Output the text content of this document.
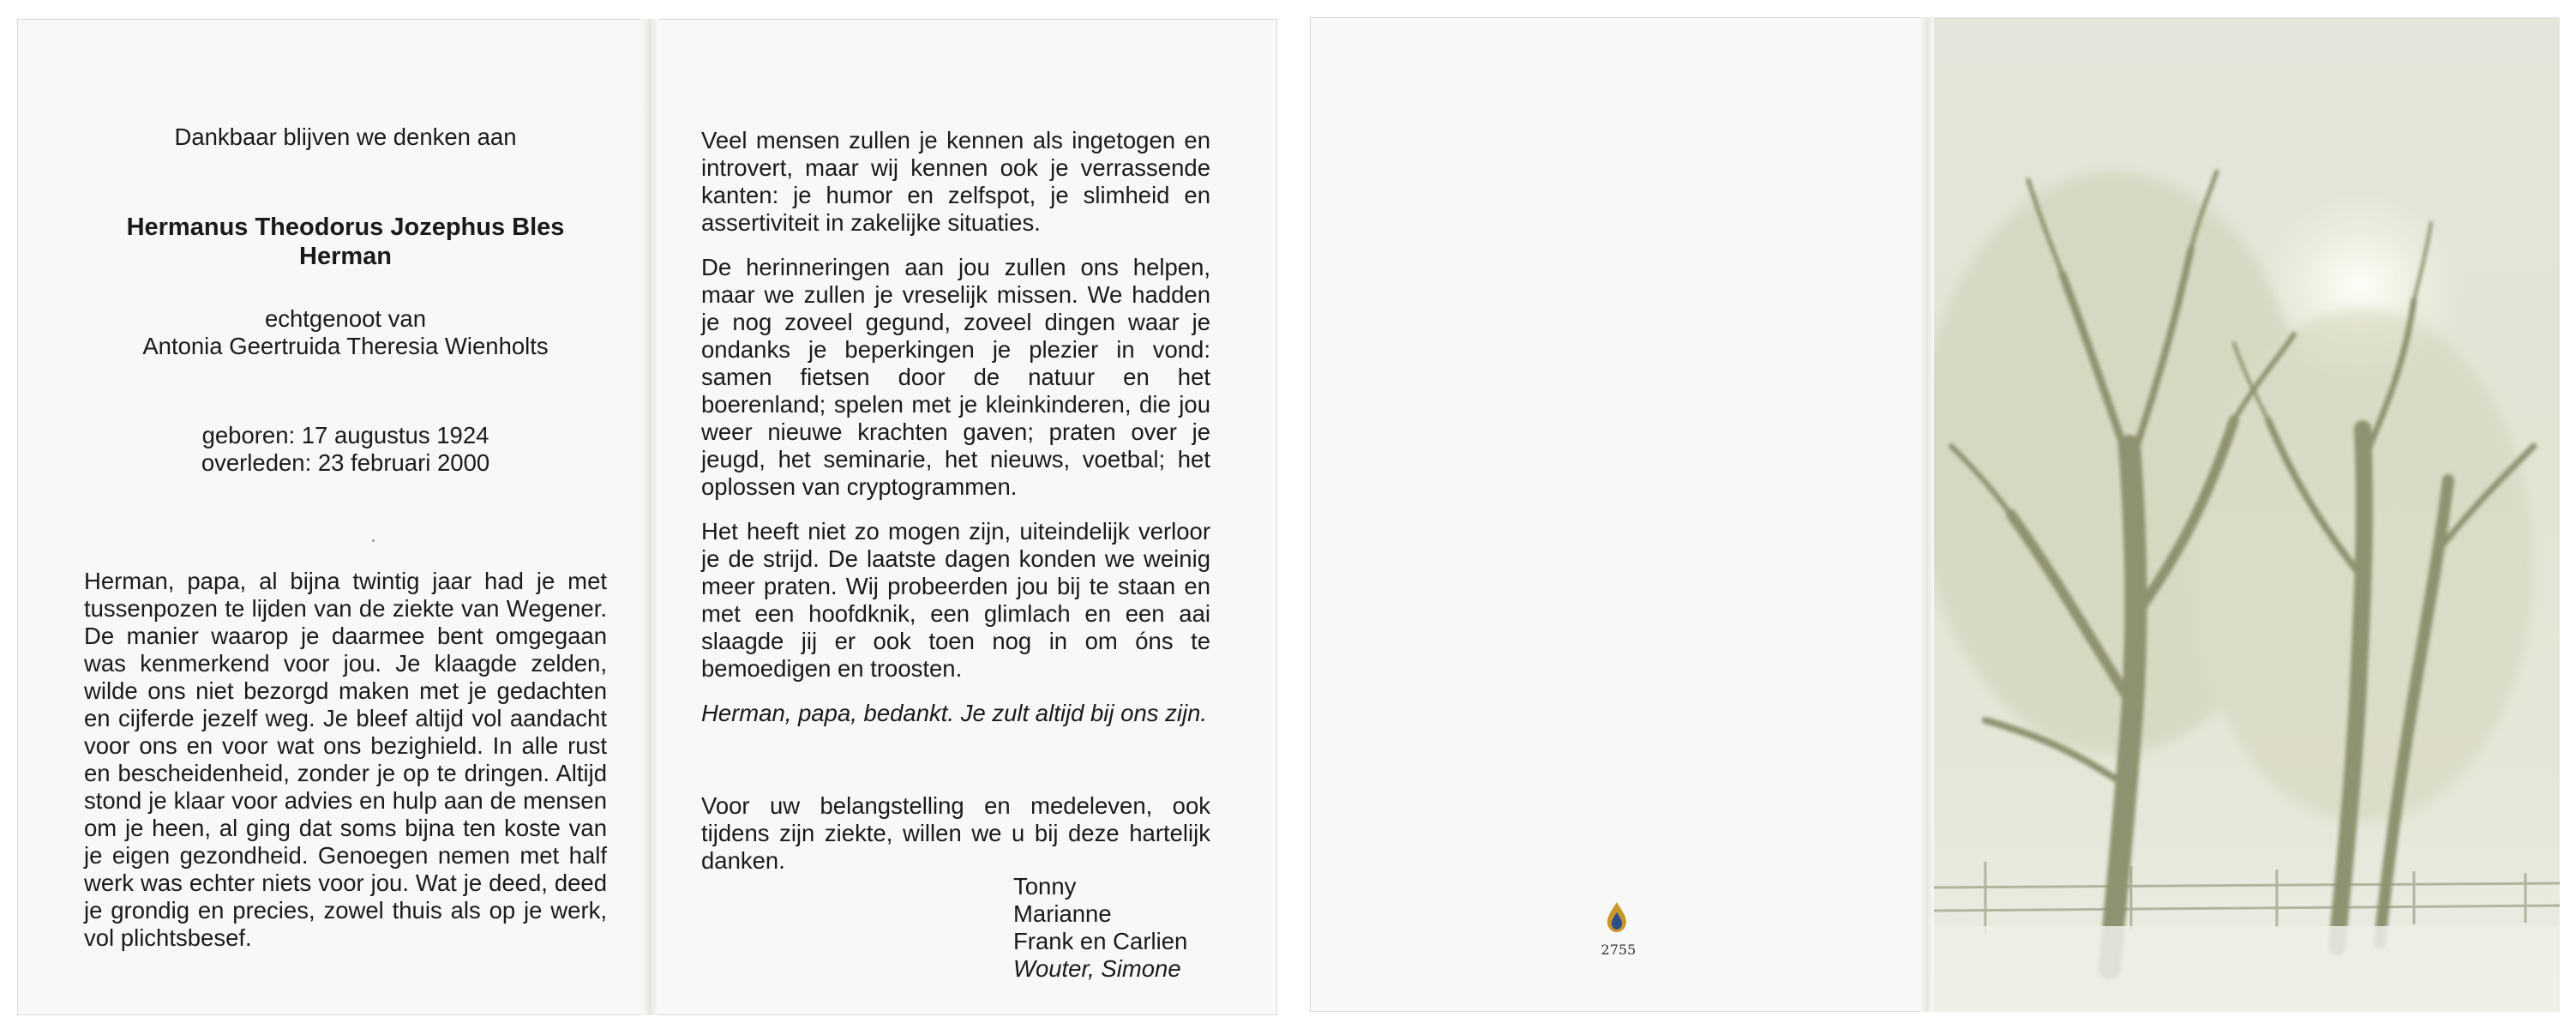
Dankbaar blijven we denken aan
Hermanus Theodorus Jozephus Bles
Herman
echtgenoot van
Antonia Geertruida Theresia Wienholts
geboren: 17 augustus 1924
overleden: 23 februari 2000
Herman, papa, al bijna twintig jaar had je met tussenpozen te lijden van de ziekte van Wegener. De manier waarop je daarmee bent omgegaan was kenmerkend voor jou. Je klaagde zelden, wilde ons niet bezorgd maken met je gedachten en cijferde jezelf weg. Je bleef altijd vol aandacht voor ons en voor wat ons bezighield. In alle rust en bescheidenheid, zonder je op te dringen. Altijd stond je klaar voor advies en hulp aan de mensen om je heen, al ging dat soms bijna ten koste van je eigen gezondheid. Genoegen nemen met half werk was echter niets voor jou. Wat je deed, deed je grondig en precies, zowel thuis als op je werk, vol plichtsbesef.

Veel mensen zullen je kennen als ingetogen en introvert, maar wij kennen ook je verrassende kanten: je humor en zelfspot, je slimheid en assertiviteit in zakelijke situaties.

De herinneringen aan jou zullen ons helpen, maar we zullen je vreselijk missen. We hadden je nog zoveel gegund, zoveel dingen waar je ondanks je beperkingen je plezier in vond: samen fietsen door de natuur en het boerenland; spelen met je kleinkinderen, die jou weer nieuwe krachten gaven; praten over je jeugd, het seminarie, het nieuws, voetbal; het oplossen van cryptogrammen.

Het heeft niet zo mogen zijn, uiteindelijk verloor je de strijd. De laatste dagen konden we weinig meer praten. Wij probeerden jou bij te staan en met een hoofdknik, een glimlach en een aai slaagde jij er ook toen nog in om óns te bemoedigen en troosten.

Herman, papa, bedankt. Je zult altijd bij ons zijn.

Voor uw belangstelling en medeleven, ook tijdens zijn ziekte, willen we u bij deze hartelijk danken.
Tonny
Marianne
Frank en Carlien
Wouter, Simone
2755
